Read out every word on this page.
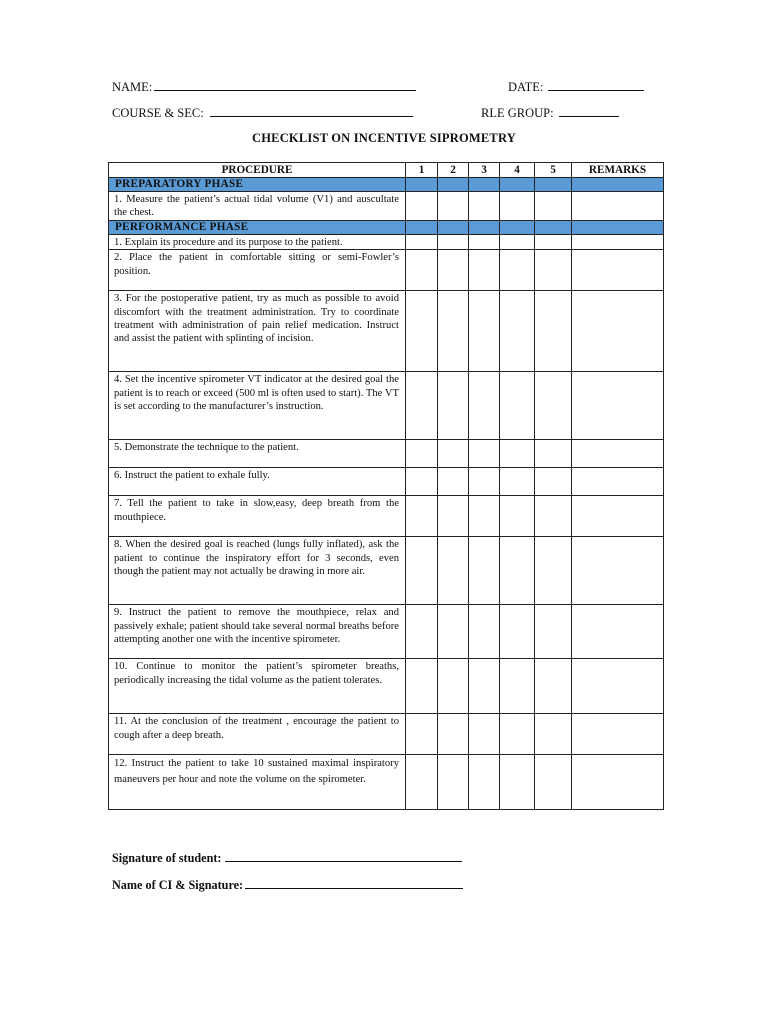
NAME:	DATE:
COURSE & SEC:	RLE GROUP:
CHECKLIST ON INCENTIVE SIPROMETRY
PROCEDURE	1	2	3	4	5	REMARKS
PREPARATORY PHASE						
1. Measure the patient’s actual tidal volume (V1) and auscultate the chest.						
PERFORMANCE PHASE						
1. Explain its procedure and its purpose to the patient.						
2. Place the patient in comfortable sitting or semi-Fowler’s position.						
3. For the postoperative patient, try as much as possible to avoid discomfort with the treatment administration. Try to coordinate treatment with administration of pain relief medication. Instruct and assist the patient with splinting of incision.						
4. Set the incentive spirometer VT indicator at the desired goal the patient is to reach or exceed (500 ml is often used to start). The VT is set according to the manufacturer’s instruction.						
5. Demonstrate the technique to the patient.						
6. Instruct the patient to exhale fully.						
7. Tell the patient to take in slow,easy, deep breath from the mouthpiece.						
8. When the desired goal is reached (lungs fully inflated), ask the patient to continue the inspiratory effort for 3 seconds, even though the patient may not actually be drawing in more air.						
9. Instruct the patient to remove the mouthpiece, relax and passively exhale; patient should take several normal breaths before attempting another one with the incentive spirometer.						
10. Continue to monitor the patient’s spirometer breaths, periodically increasing the tidal volume as the patient tolerates.						
11. At the conclusion of the treatment , encourage the patient to cough after a deep breath.						
12. Instruct the patient to take 10 sustained maximal inspiratory maneuvers per hour and note the volume on the spirometer.						
Signature of student:
Name of CI & Signature:
